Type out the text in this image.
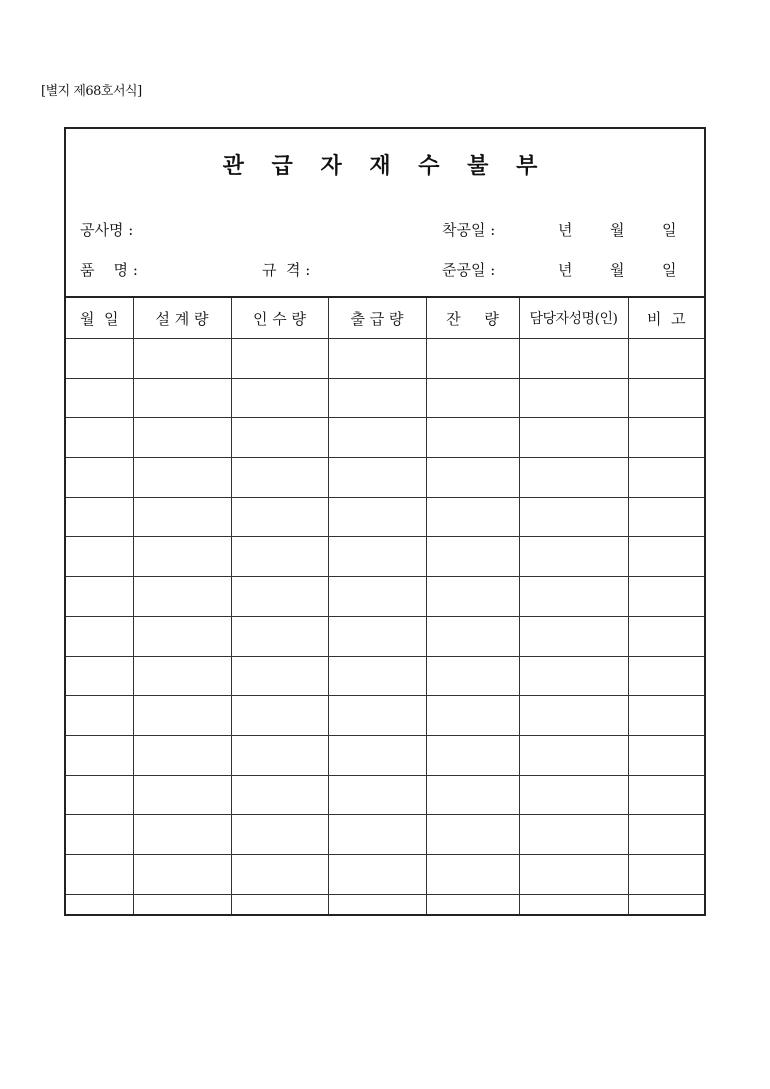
[별지 제68호서식]
관 급 자 재 수 불 부
공사명 :	착공일 :	년	월	일
품    명 :	규  격 :	준공일 :	년	월	일
월  일	설 계 량	인 수 량	출 급 량	잔     량	담당자성명(인)	비  고
